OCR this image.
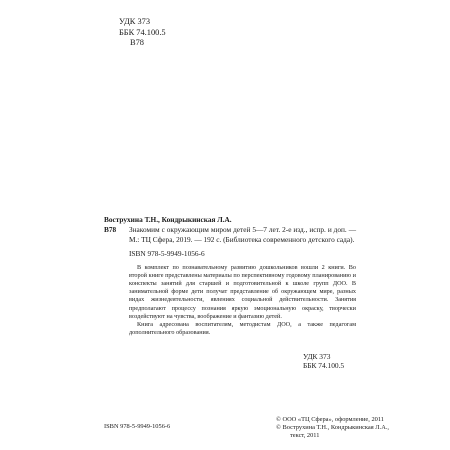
УДК 373
ББК 74.100.5
В78
Вострухина Т.Н., Кондрыкинская Л.А.
В78 Знакомим с окружающим миром детей 5—7 лет. 2-е изд., испр. и доп. — М.: ТЦ Сфера, 2019. — 192 с. (Библиотека современного детского сада).
ISBN 978-5-9949-1056-6

В комплект по познавательному развитию дошкольников вошли 2 книги. Во второй книге представлены материалы по перспективному годовому планированию и конспекты занятий для старшей и подготовительной к школе групп ДОО. В занимательной форме дети получат представление об окружающем мире, разных видах жизнедеятельности, явлениях социальной действительности. Занятия предполагают процессу познания яркую эмоциональную окраску, творчески воздействуют на чувства, воображение и фантазию детей.

Книга адресована воспитателям, методистам ДОО, а также педагогам дополнительного образования.

УДК 373
ББК 74.100.5
ISBN 978-5-9949-1056-6
© ООО «ТЦ Сфера», оформление, 2011
© Вострухина Т.Н., Кондрыкинская Л.А.,
текст, 2011
